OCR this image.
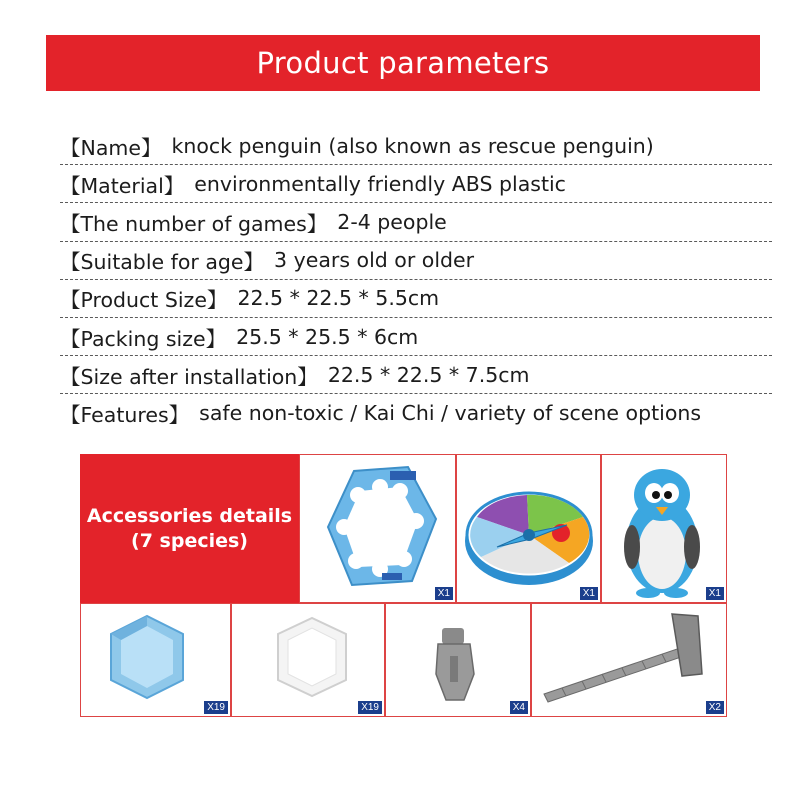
Product parameters
【Name】 knock penguin (also known as rescue penguin)
【Material】 environmentally friendly ABS plastic
【The number of games】 2-4 people
【Suitable for age】 3 years old or older
【Product Size】 22.5 * 22.5 * 5.5cm
【Packing size】 25.5 * 25.5 * 6cm
【Size after installation】 22.5 * 22.5 * 7.5cm
【Features】 safe non-toxic / Kai Chi / variety of scene options
Accessories details
(7 species)
X1	X1	X1
X19	X19	X4	X2
